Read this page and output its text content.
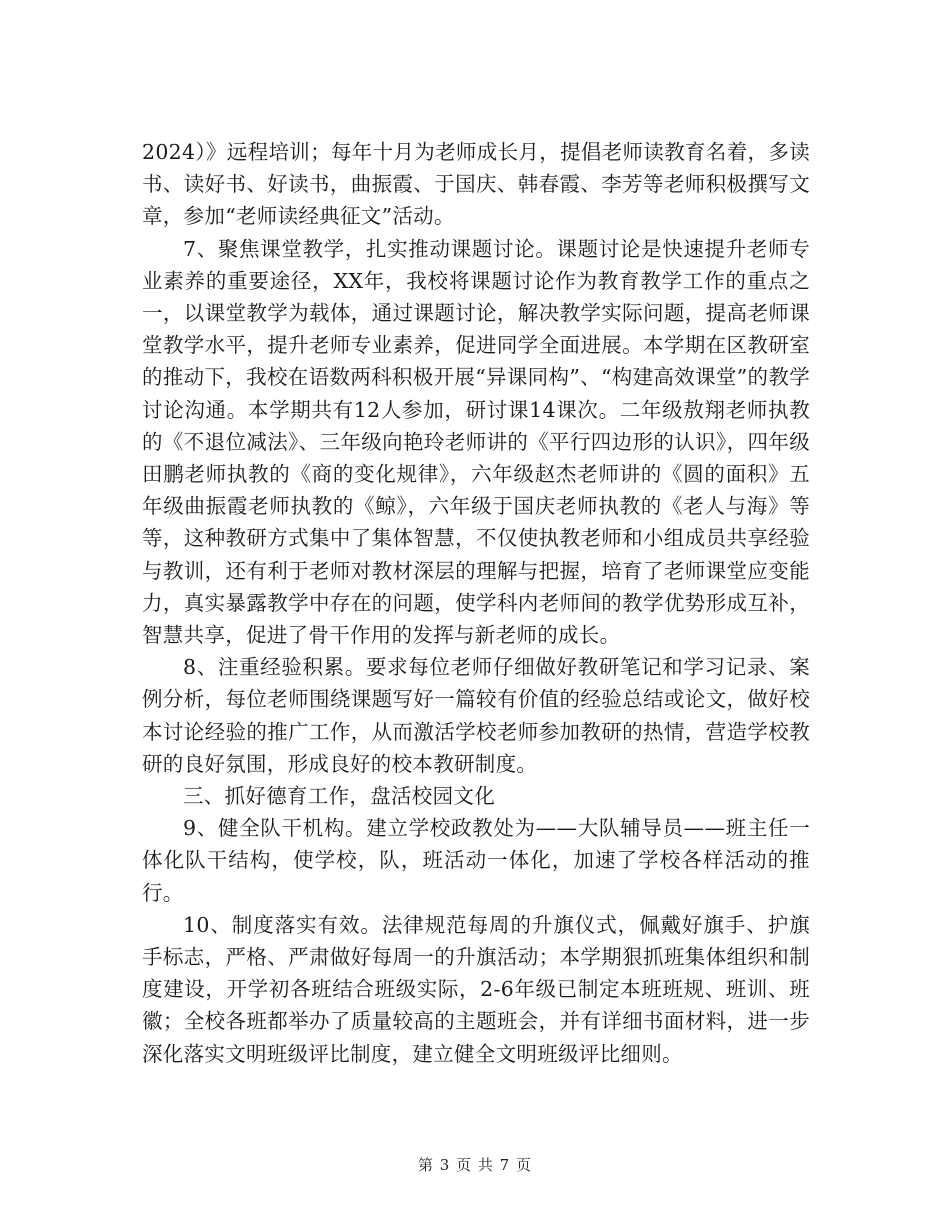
2024）》远程培训；每年十月为老师成长月，提倡老师读教育名着，多读书、读好书、好读书，曲振霞、于国庆、韩春霞、李芳等老师积极撰写文章，参加“老师读经典征文”活动。

7、聚焦课堂教学，扎实推动课题讨论。课题讨论是快速提升老师专业素养的重要途径，XX年，我校将课题讨论作为教育教学工作的重点之一，以课堂教学为载体，通过课题讨论，解决教学实际问题，提高老师课堂教学水平，提升老师专业素养，促进同学全面进展。本学期在区教研室的推动下，我校在语数两科积极开展“异课同构”、“构建高效课堂”的教学讨论沟通。本学期共有12人参加，研讨课14课次。二年级敖翔老师执教的《不退位减法》、三年级向艳玲老师讲的《平行四边形的认识》，四年级田鹏老师执教的《商的变化规律》，六年级赵杰老师讲的《圆的面积》五年级曲振霞老师执教的《鲸》，六年级于国庆老师执教的《老人与海》等等，这种教研方式集中了集体智慧，不仅使执教老师和小组成员共享经验与教训，还有利于老师对教材深层的理解与把握，培育了老师课堂应变能力，真实暴露教学中存在的问题，使学科内老师间的教学优势形成互补，智慧共享，促进了骨干作用的发挥与新老师的成长。

8、注重经验积累。要求每位老师仔细做好教研笔记和学习记录、案例分析，每位老师围绕课题写好一篇较有价值的经验总结或论文，做好校本讨论经验的推广工作，从而激活学校老师参加教研的热情，营造学校教研的良好氛围，形成良好的校本教研制度。

三、抓好德育工作，盘活校园文化

9、健全队干机构。建立学校政教处为——大队辅导员——班主任一体化队干结构，使学校，队，班活动一体化，加速了学校各样活动的推行。

10、制度落实有效。法律规范每周的升旗仪式，佩戴好旗手、护旗手标志，严格、严肃做好每周一的升旗活动；本学期狠抓班集体组织和制度建设，开学初各班结合班级实际，2-6年级已制定本班班规、班训、班徽；全校各班都举办了质量较高的主题班会，并有详细书面材料，进一步深化落实文明班级评比制度，建立健全文明班级评比细则。

第 3 页 共 7 页
